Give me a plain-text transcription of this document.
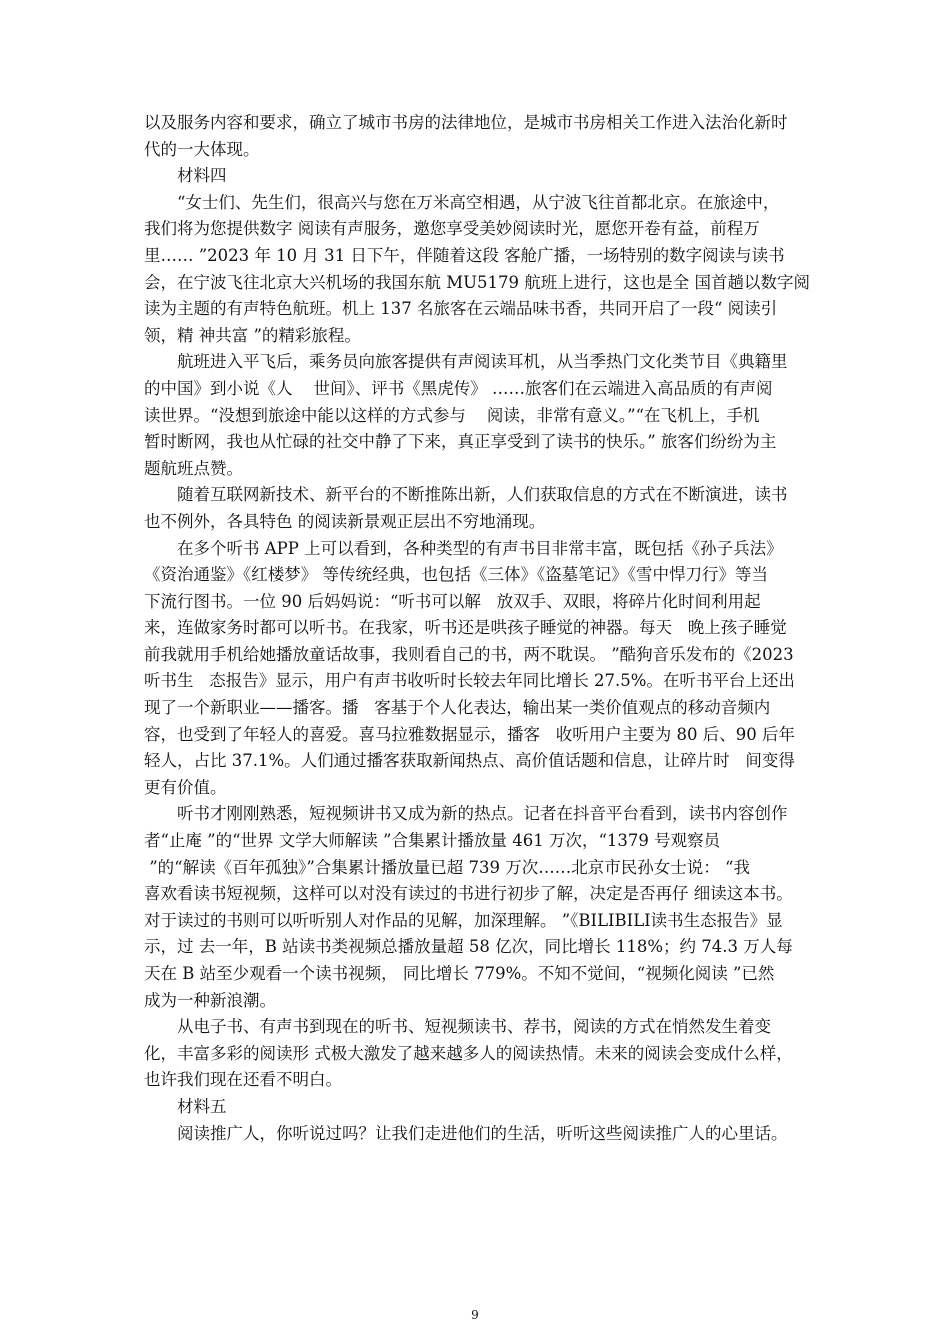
以及服务内容和要求，确立了城市书房的法律地位，是城市书房相关工作进入法治化新时
代的一大体现。
材料四
“女士们、先生们，很高兴与您在万米高空相遇，从宁波飞往首都北京。在旅途中，
我们将为您提供数字 阅读有声服务，邀您享受美妙阅读时光，愿您开卷有益，前程万
里…… ”2023 年 10 月 31 日下午，伴随着这段 客舱广播，一场特别的数字阅读与读书
会，在宁波飞往北京大兴机场的我国东航 MU5179 航班上进行，这也是全 国首趟以数字阅
读为主题的有声特色航班。机上 137 名旅客在云端品味书香，共同开启了一段“ 阅读引
领，精 神共富 ”的精彩旅程。
航班进入平飞后，乘务员向旅客提供有声阅读耳机，从当季热门文化类节目《典籍里
的中国》到小说《人    世间》、评书《黑虎传》 ……旅客们在云端进入高品质的有声阅
读世界。“没想到旅途中能以这样的方式参与    阅读，非常有意义。”“在飞机上，手机
暂时断网，我也从忙碌的社交中静了下来，真正享受到了读书的快乐。” 旅客们纷纷为主
题航班点赞。
随着互联网新技术、新平台的不断推陈出新，人们获取信息的方式在不断演进，读书
也不例外，各具特色 的阅读新景观正层出不穷地涌现。
在多个听书 APP 上可以看到，各种类型的有声书目非常丰富，既包括《孙子兵法》
《资治通鉴》《红楼梦》 等传统经典，也包括《三体》《盗墓笔记》《雪中悍刀行》等当
下流行图书。一位 90 后妈妈说：“听书可以解   放双手、双眼，将碎片化时间利用起
来，连做家务时都可以听书。在我家，听书还是哄孩子睡觉的神器。每天   晚上孩子睡觉
前我就用手机给她播放童话故事，我则看自己的书，两不耽误。 ”酷狗音乐发布的《2023
听书生   态报告》显示，用户有声书收听时长较去年同比增长 27.5%。在听书平台上还出
现了一个新职业——播客。播   客基于个人化表达，输出某一类价值观点的移动音频内
容，也受到了年轻人的喜爱。喜马拉雅数据显示，播客   收听用户主要为 80 后、90 后年
轻人，占比 37.1%。人们通过播客获取新闻热点、高价值话题和信息，让碎片时   间变得
更有价值。
听书才刚刚熟悉，短视频讲书又成为新的热点。记者在抖音平台看到，读书内容创作
者“止庵 ”的“世界 文学大师解读 ”合集累计播放量 461 万次，“1379 号观察员
”的“解读《百年孤独》”合集累计播放量已超 739 万次……北京市民孙女士说： “我
喜欢看读书短视频，这样可以对没有读过的书进行初步了解，决定是否再仔 细读这本书。
对于读过的书则可以听听别人对作品的见解，加深理解。 ”《BILIBILI读书生态报告》显
示，过 去一年，B 站读书类视频总播放量超 58 亿次，同比增长 118%；约 74.3 万人每
天在 B 站至少观看一个读书视频， 同比增长 779%。不知不觉间，“视频化阅读 ”已然
成为一种新浪潮。
从电子书、有声书到现在的听书、短视频读书、荐书，阅读的方式在悄然发生着变
化，丰富多彩的阅读形 式极大激发了越来越多人的阅读热情。未来的阅读会变成什么样，
也许我们现在还看不明白。
材料五
阅读推广人，你听说过吗？让我们走进他们的生活，听听这些阅读推广人的心里话。
9
